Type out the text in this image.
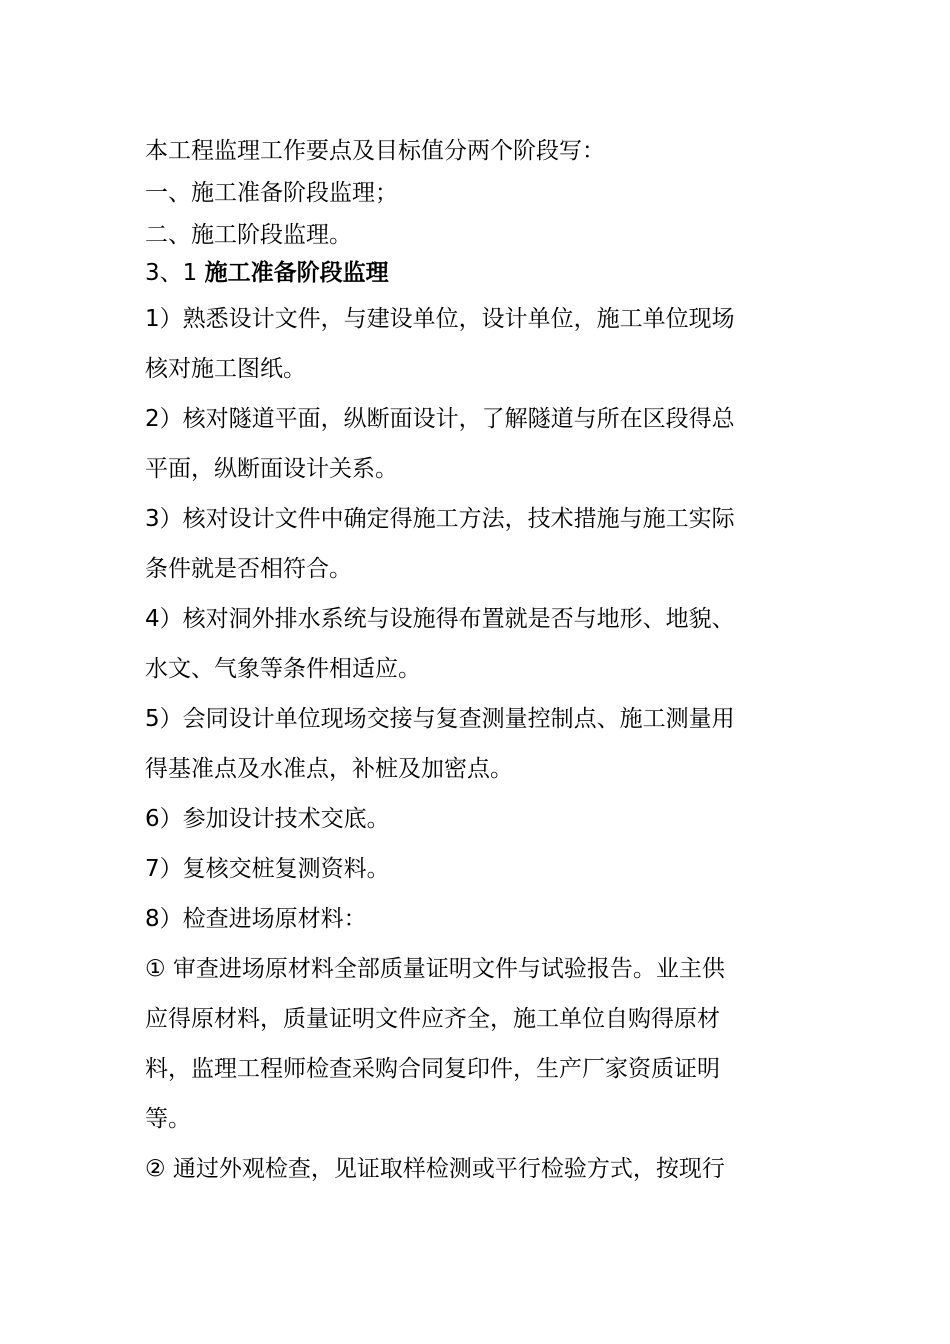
本工程监理工作要点及目标值分两个阶段写：
一、施工准备阶段监理；
二、施工阶段监理。
3、1 施工准备阶段监理
1）熟悉设计文件，与建设单位，设计单位，施工单位现场
核对施工图纸。
2）核对隧道平面，纵断面设计，了解隧道与所在区段得总
平面，纵断面设计关系。
3）核对设计文件中确定得施工方法，技术措施与施工实际
条件就是否相符合。
4）核对洞外排水系统与设施得布置就是否与地形、地貌、
水文、气象等条件相适应。
5）会同设计单位现场交接与复查测量控制点、施工测量用
得基准点及水准点，补桩及加密点。
6）参加设计技术交底。
7）复核交桩复测资料。
8）检查进场原材料：
① 审查进场原材料全部质量证明文件与试验报告。业主供
应得原材料，质量证明文件应齐全，施工单位自购得原材
料，监理工程师检查采购合同复印件，生产厂家资质证明
等。
② 通过外观检查，见证取样检测或平行检验方式，按现行
